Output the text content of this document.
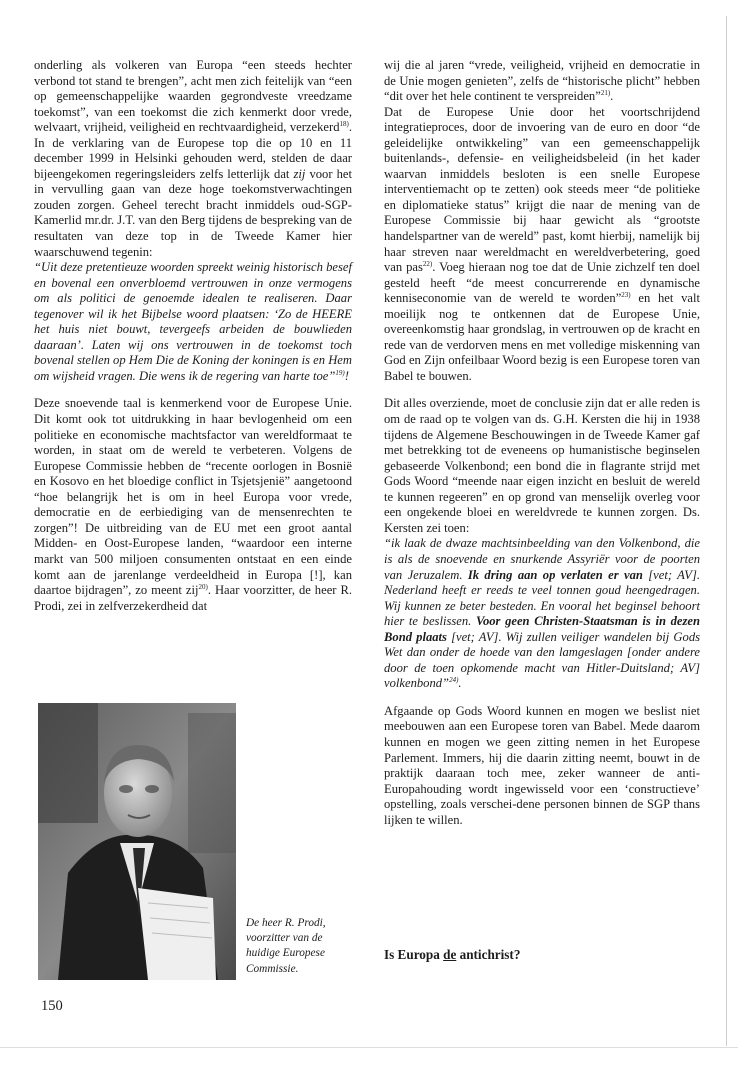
onderling als volkeren van Europa “een steeds hechter verbond tot stand te brengen”, acht men zich feitelijk van “een op gemeenschappelijke waarden gegrondveste vreedzame toekomst”, van een toekomst die zich kenmerkt door vrede, welvaart, vrijheid, veiligheid en rechtvaardigheid, verzekerd$^{18)}$. In de verklaring van de Europese top die op 10 en 11 december 1999 in Helsinki gehouden werd, stelden de daar bijeengekomen regeringsleiders zelfs letterlijk dat zij voor het in vervulling gaan van deze hoge toekomstverwachtingen zouden zorgen. Geheel terecht bracht inmiddels oud-SGP-Kamerlid mr.dr. J.T. van den Berg tijdens de bespreking van de resultaten van deze top in de Tweede Kamer hier waarschuwend tegenin:

“Uit deze pretentieuze woorden spreekt weinig historisch besef en bovenal een onverbloemd vertrouwen in onze vermogens om als politici de genoemde idealen te realiseren. Daar tegenover wil ik het Bijbelse woord plaatsen: ‘Zo de HEERE het huis niet bouwt, tevergeefs arbeiden de bouwlieden daaraan’. Laten wij ons vertrouwen in de toekomst toch bovenal stellen op Hem Die de Koning der koningen is en Hem om wijsheid vragen. Die wens ik de regering van harte toe”$^{19)}$!

Deze snoevende taal is kenmerkend voor de Europese Unie. Dit komt ook tot uitdrukking in haar bevlogenheid om een politieke en economische machtsfactor van wereldformaat te worden, in staat om de wereld te verbeteren. Volgens de Europese Commissie hebben de “recente oorlogen in Bosnië en Kosovo en het bloedige conflict in Tsjetsjenië” aangetoond “hoe belangrijk het is om in heel Europa voor vrede, democratie en de eerbiediging van de mensenrechten te zorgen”! De uitbreiding van de EU met een groot aantal Midden- en Oost-Europese landen, “waardoor een interne markt van 500 miljoen consumenten ontstaat en een einde komt aan de jarenlange verdeeldheid in Europa [!], kan daartoe bijdragen”, zo meent zij$^{20)}$. Haar voorzitter, de heer R. Prodi, zei in zelfverzekerdheid dat

De heer R. Prodi, voorzitter van de huidige Europese Commissie.

wij die al jaren “vrede, veiligheid, vrijheid en democratie in de Unie mogen genieten”, zelfs de “historische plicht” hebben “dit over het hele continent te verspreiden”$^{21)}$.

Dat de Europese Unie door het voortschrijdend integratieproces, door de invoering van de euro en door “de geleidelijke ontwikkeling” van een gemeenschappelijk buitenlands-, defensie- en veiligheidsbeleid (in het kader waarvan inmiddels besloten is een snelle Europese interventiemacht op te zetten) ook steeds meer “de politieke en diplomatieke status” krijgt die naar de mening van de Europese Commissie bij haar gewicht als “grootste handelspartner van de wereld” past, komt hierbij, namelijk bij haar streven naar wereldmacht en wereldverbetering, goed van pas$^{22)}$. Voeg hieraan nog toe dat de Unie zichzelf ten doel gesteld heeft “de meest concurrerende en dynamische kenniseconomie van de wereld te worden”$^{23)}$ en het valt moeilijk nog te ontkennen dat de Europese Unie, overeenkomstig haar grondslag, in vertrouwen op de kracht en rede van de verdorven mens en met volledige miskenning van God en Zijn onfeilbaar Woord bezig is een Europese toren van Babel te bouwen.

Dit alles overziende, moet de conclusie zijn dat er alle reden is om de raad op te volgen van ds. G.H. Kersten die hij in 1938 tijdens de Algemene Beschouwingen in de Tweede Kamer gaf met betrekking tot de eveneens op humanistische beginselen gebaseerde Volkenbond; een bond die in flagrante strijd met Gods Woord “meende naar eigen inzicht en besluit de wereld te kunnen regeeren” en op grond van menselijk overleg voor een ongekende bloei en wereldvrede te kunnen zorgen. Ds. Kersten zei toen:

“ik laak de dwaze machtsinbeelding van den Volkenbond, die is als de snoevende en snurkende Assyriër voor de poorten van Jeruzalem. Ik dring aan op verlaten er van [vet; AV]. Nederland heeft er reeds te veel tonnen goud heengedragen. Wij kunnen ze beter besteden. En vooral het beginsel behoort hier te beslissen. Voor geen Christen-Staatsman is in dezen Bond plaats [vet; AV]. Wij zullen veiliger wandelen bij Gods Wet dan onder de hoede van den lamgeslagen [onder andere door de toen opkomende macht van Hitler-Duitsland; AV] volkenbond”$^{24)}$.

Afgaande op Gods Woord kunnen en mogen we beslist niet meebouwen aan een Europese toren van Babel. Mede daarom kunnen en mogen we geen zitting nemen in het Europese Parlement. Immers, hij die daarin zitting neemt, bouwt in de praktijk daaraan toch mee, zeker wanneer de anti-Europahouding wordt ingewisseld voor een ‘constructieve’ opstelling, zoals verschei-dene personen binnen de SGP thans lijken te willen.

Is Europa de antichrist?
150
